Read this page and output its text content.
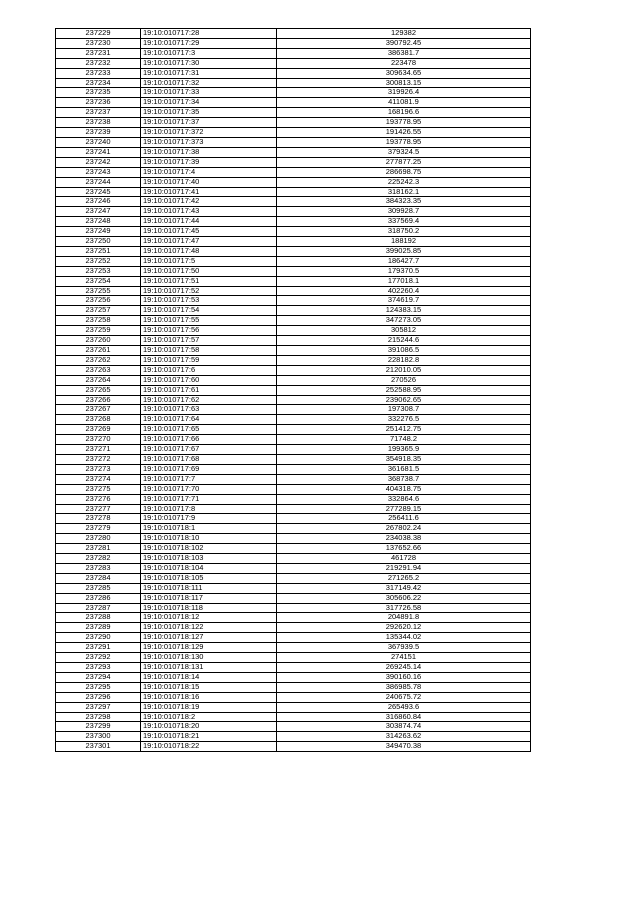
237229	19:10:010717:28	129382
237230	19:10:010717:29	390792.45
237231	19:10:010717:3	386381.7
237232	19:10:010717:30	223478
237233	19:10:010717:31	309634.65
237234	19:10:010717:32	300813.15
237235	19:10:010717:33	319926.4
237236	19:10:010717:34	411081.9
237237	19:10:010717:35	168196.6
237238	19:10:010717:37	193778.95
237239	19:10:010717:372	191426.55
237240	19:10:010717:373	193778.95
237241	19:10:010717:38	379324.5
237242	19:10:010717:39	277877.25
237243	19:10:010717:4	286698.75
237244	19:10:010717:40	225242.3
237245	19:10:010717:41	318162.1
237246	19:10:010717:42	384323.35
237247	19:10:010717:43	309928.7
237248	19:10:010717:44	337569.4
237249	19:10:010717:45	318750.2
237250	19:10:010717:47	188192
237251	19:10:010717:48	399025.85
237252	19:10:010717:5	186427.7
237253	19:10:010717:50	179370.5
237254	19:10:010717:51	177018.1
237255	19:10:010717:52	402260.4
237256	19:10:010717:53	374619.7
237257	19:10:010717:54	124383.15
237258	19:10:010717:55	347273.05
237259	19:10:010717:56	305812
237260	19:10:010717:57	215244.6
237261	19:10:010717:58	391086.5
237262	19:10:010717:59	228182.8
237263	19:10:010717:6	212010.05
237264	19:10:010717:60	270526
237265	19:10:010717:61	252588.95
237266	19:10:010717:62	239062.65
237267	19:10:010717:63	197308.7
237268	19:10:010717:64	332276.5
237269	19:10:010717:65	251412.75
237270	19:10:010717:66	71748.2
237271	19:10:010717:67	199365.9
237272	19:10:010717:68	354918.35
237273	19:10:010717:69	361681.5
237274	19:10:010717:7	368738.7
237275	19:10:010717:70	404318.75
237276	19:10:010717:71	332864.6
237277	19:10:010717:8	277289.15
237278	19:10:010717:9	256411.6
237279	19:10:010718:1	267802.24
237280	19:10:010718:10	234038.38
237281	19:10:010718:102	137652.66
237282	19:10:010718:103	461728
237283	19:10:010718:104	219291.94
237284	19:10:010718:105	271265.2
237285	19:10:010718:111	317149.42
237286	19:10:010718:117	305606.22
237287	19:10:010718:118	317726.58
237288	19:10:010718:12	204891.8
237289	19:10:010718:122	292620.12
237290	19:10:010718:127	135344.02
237291	19:10:010718:129	367939.5
237292	19:10:010718:130	274151
237293	19:10:010718:131	269245.14
237294	19:10:010718:14	390160.16
237295	19:10:010718:15	386985.78
237296	19:10:010718:16	240675.72
237297	19:10:010718:19	265493.6
237298	19:10:010718:2	316860.84
237299	19:10:010718:20	303874.74
237300	19:10:010718:21	314263.62
237301	19:10:010718:22	349470.38
